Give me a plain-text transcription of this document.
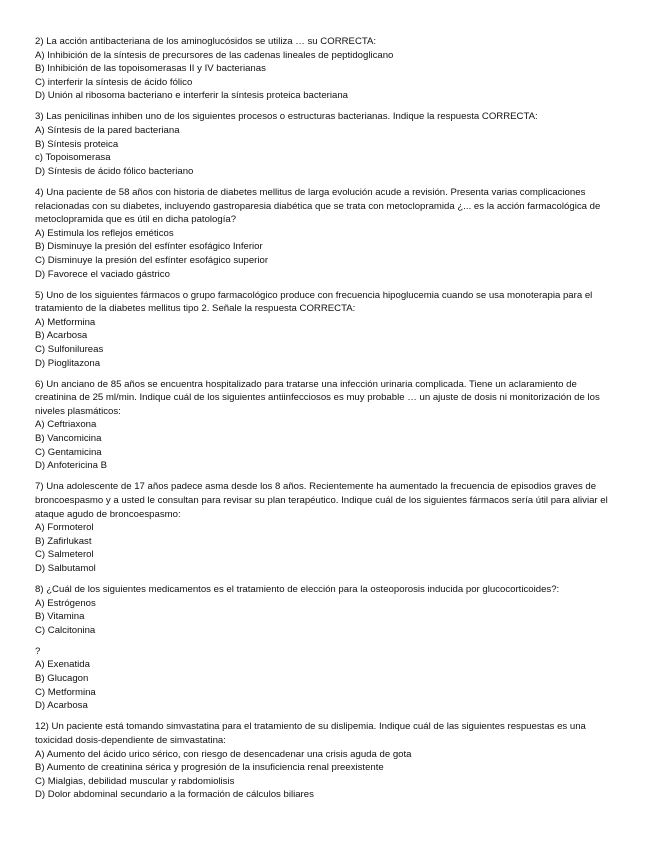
2) La acción antibacteriana de los aminoglucósidos se utiliza … su CORRECTA:
A) Inhibición de la síntesis de precursores de las cadenas lineales de peptidoglicano
B) Inhibición de las topoisomerasas II y IV bacterianas
C) interferir la síntesis de ácido fólico
D) Unión al ribosoma bacteriano e interferir la síntesis proteica bacteriana
3) Las penicilinas inhiben uno de los siguientes procesos o estructuras bacterianas. Indique la respuesta CORRECTA:
A) Síntesis de la pared bacteriana
B) Síntesis proteica
c) Topoisomerasa
D) Síntesis de ácido fólico bacteriano
4) Una paciente de 58 años con historia de diabetes mellitus de larga evolución acude a revisión. Presenta varias complicaciones
relacionadas con su diabetes, incluyendo gastroparesia diabética que se trata con metoclopramida ¿... es la acción farmacológica de
metoclopramida que es útil en dicha patología?
A) Estimula los reflejos eméticos
B) Disminuye la presión del esfínter esofágico Inferior
C) Disminuye la presión del esfínter esofágico superior
D) Favorece el vaciado gástrico
5) Uno de los siguientes fármacos o grupo farmacológico produce con frecuencia hipoglucemia cuando se usa monoterapia para el
tratamiento de la diabetes mellitus tipo 2. Señale la respuesta CORRECTA:
A) Metformina
B) Acarbosa
C) Sulfonilureas
D) Pioglitazona
6) Un anciano de 85 años se encuentra hospitalizado para tratarse una infección urinaria complicada. Tiene un aclaramiento de
creatinina de 25 ml/min. Indique cuál de los siguientes antiinfecciosos es muy probable … un ajuste de dosis ni monitorización de los
niveles plasmáticos:
A) Ceftriaxona
B) Vancomicina
C) Gentamicina
D) Anfotericina B
7) Una adolescente de 17 años padece asma desde los 8 años. Recientemente ha aumentado la frecuencia de episodios graves de
broncoespasmo y a usted le consultan para revisar su plan terapéutico. Indique cuál de los siguientes fármacos sería útil para aliviar el
ataque agudo de broncoespasmo:
A) Formoterol
B) Zafirlukast
C) Salmeterol
D) Salbutamol
8) ¿Cuál de los siguientes medicamentos es el tratamiento de elección para la osteoporosis inducida por glucocorticoides?:
A) Estrógenos
B) Vitamina
C) Calcitonina
?
A) Exenatida
B) Glucagon
C) Metformina
D) Acarbosa
12) Un paciente está tomando simvastatina para el tratamiento de su dislipemia. Indique cuál de las siguientes respuestas es una
toxicidad dosis-dependiente de simvastatina:
A) Aumento del ácido urico sérico, con riesgo de desencadenar una crisis aguda de gota
B) Aumento de creatinina sérica y progresión de la insuficiencia renal preexistente
C) Mialgias, debilidad muscular y rabdomiolisis
D) Dolor abdominal secundario a la formación de cálculos biliares
